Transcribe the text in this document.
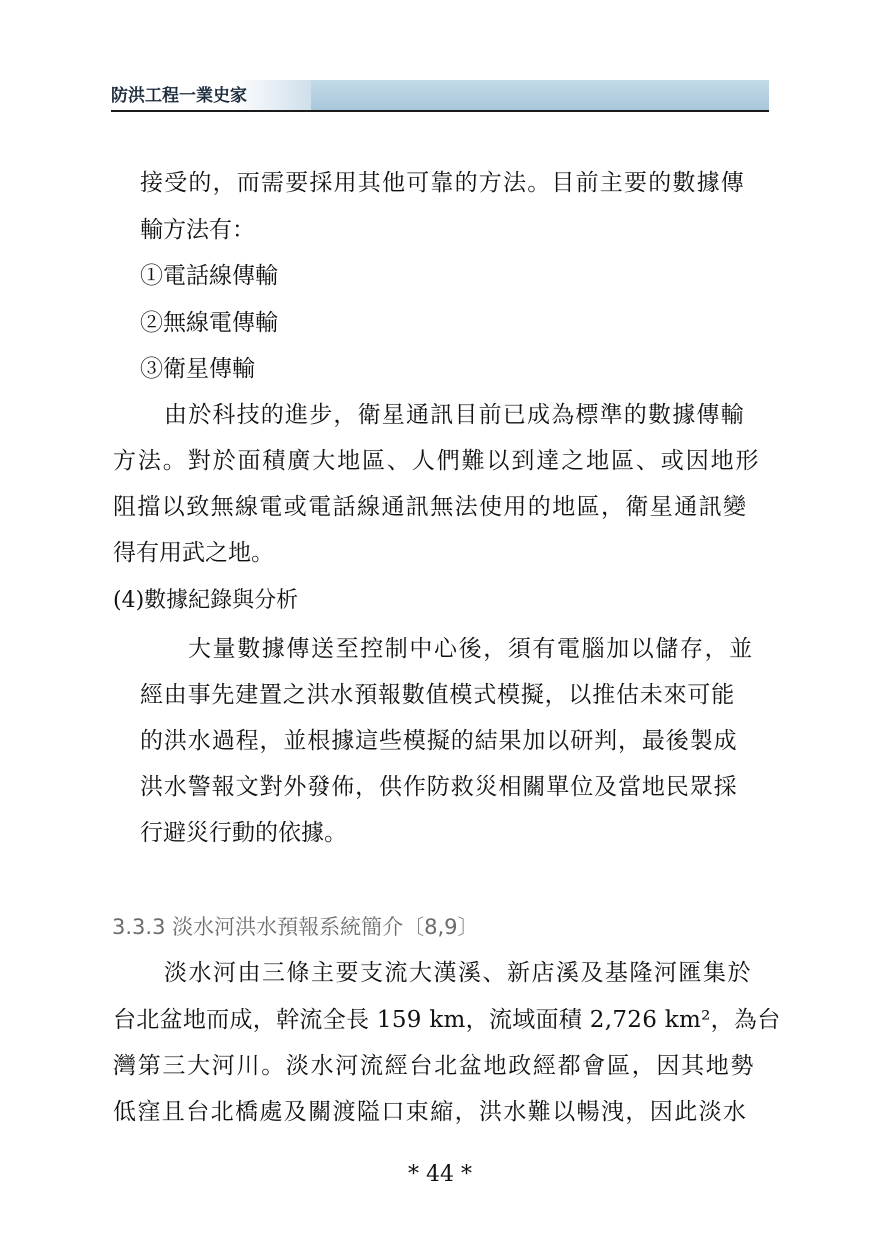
防洪工程一業史家
接受的，而需要採用其他可靠的方法。目前主要的數據傳
輸方法有：
①電話線傳輸
②無線電傳輸
③衛星傳輸
由於科技的進步，衛星通訊目前已成為標準的數據傳輸
方法。對於面積廣大地區、人們難以到達之地區、或因地形
阻擋以致無線電或電話線通訊無法使用的地區，衛星通訊變
得有用武之地。
(4)數據紀錄與分析
大量數據傳送至控制中心後，須有電腦加以儲存，並
經由事先建置之洪水預報數值模式模擬，以推估未來可能
的洪水過程，並根據這些模擬的結果加以研判，最後製成
洪水警報文對外發佈，供作防救災相關單位及當地民眾採
行避災行動的依據。
3.3.3 淡水河洪水預報系統簡介〔8,9〕
淡水河由三條主要支流大漢溪、新店溪及基隆河匯集於
台北盆地而成，幹流全長 159 km，流域面積 2,726 km²，為台
灣第三大河川。淡水河流經台北盆地政經都會區，因其地勢
低窪且台北橋處及關渡隘口束縮，洪水難以暢洩，因此淡水
* 44 *
